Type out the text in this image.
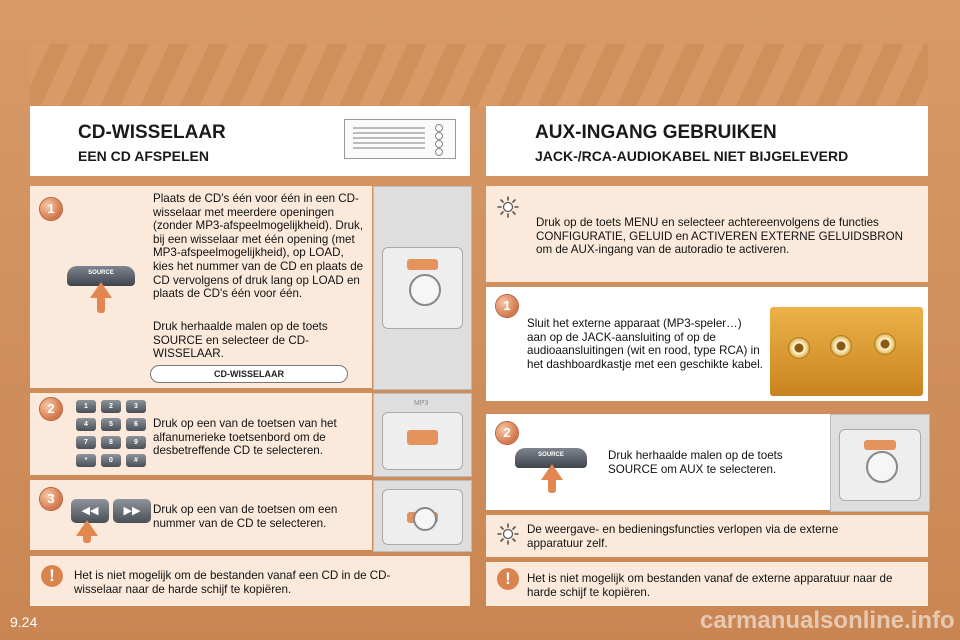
CD-WISSELAAR
EEN CD AFSPELEN
1
Plaats de CD's één voor één in een CD-wisselaar met meerdere openingen (zonder MP3-afspeelmogelijkheid). Druk, bij een wisselaar met één opening (met MP3-afspeelmogelijkheid), op LOAD, kies het nummer van de CD en plaats de CD vervolgens of druk lang op LOAD en plaats de CD's één voor één.
Druk herhaalde malen op de toets SOURCE en selecteer de CD-WISSELAAR.
CD-WISSELAAR
SOURCE
MP3
2	1	2	3
4	5	6
7	8	9
*	0	#
Druk op een van de toetsen van het alfanumerieke toetsenbord om de desbetreffende CD te selecteren.
3
◀◀	▶▶	Druk op een van de toetsen om een nummer van de CD te selecteren.
!	Het is niet mogelijk om de bestanden vanaf een CD in de CD-wisselaar naar de harde schijf te kopiëren.
AUX-INGANG GEBRUIKEN
JACK-/RCA-AUDIOKABEL NIET BIJGELEVERD
Druk op de toets MENU en selecteer achtereenvolgens de functies CONFIGURATIE, GELUID en ACTIVEREN EXTERNE GELUIDSBRON om de AUX-ingang van de autoradio te activeren.
1
Sluit het externe apparaat (MP3-speler…) aan op de JACK-aansluiting of op de audioaansluitingen (wit en rood, type RCA) in het dashboardkastje met een geschikte kabel.
2
SOURCE	Druk herhaalde malen op de toets SOURCE om AUX te selecteren.
De weergave- en bedieningsfuncties verlopen via de externe apparatuur zelf.
!	Het is niet mogelijk om bestanden vanaf de externe apparatuur naar de harde schijf te kopiëren.
9.24	carmanualsonline.info
